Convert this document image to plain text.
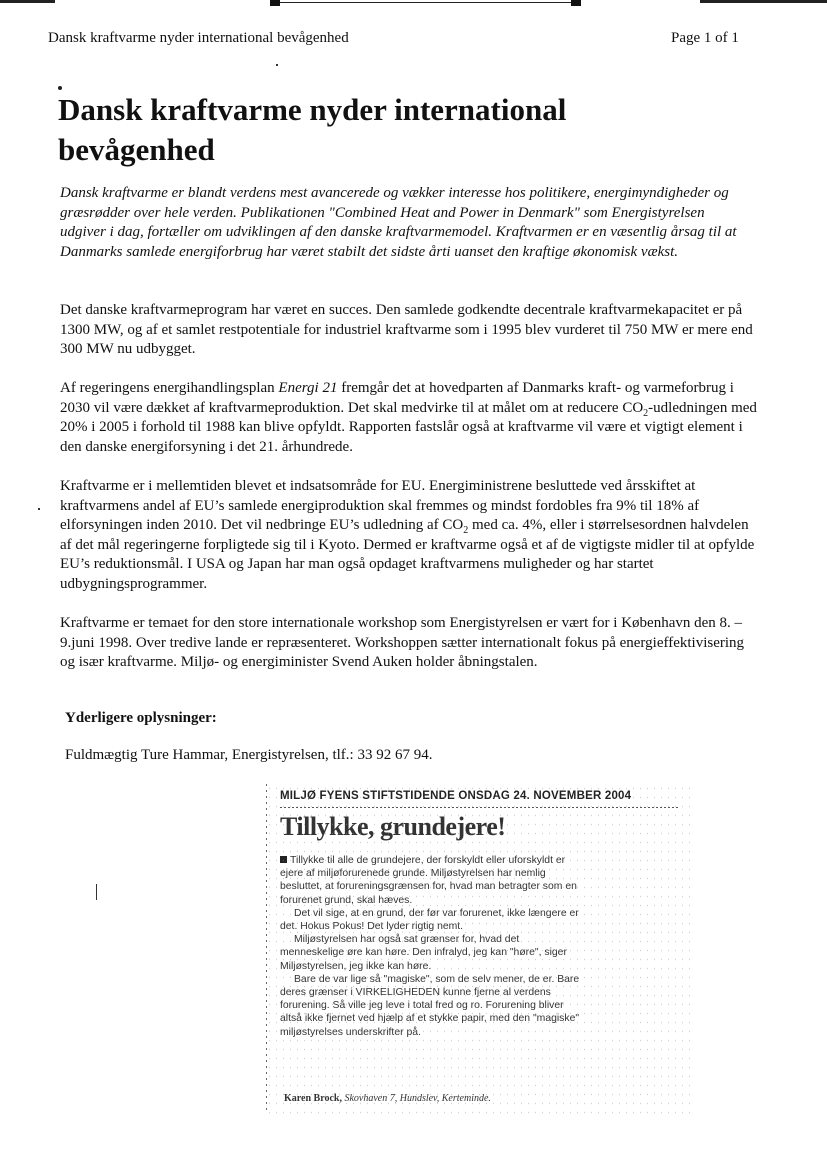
Dansk kraftvarme nyder international bevågenhed	Page 1 of 1
Dansk kraftvarme nyder international bevågenhed

Dansk kraftvarme er blandt verdens mest avancerede og vækker interesse hos politikere, energimyndigheder og græsrødder over hele verden. Publikationen "Combined Heat and Power in Denmark" som Energistyrelsen udgiver i dag, fortæller om udviklingen af den danske kraftvarmemodel. Kraftvarmen er en væsentlig årsag til at Danmarks samlede energiforbrug har været stabilt det sidste årti uanset den kraftige økonomisk vækst.

Det danske kraftvarmeprogram har været en succes. Den samlede godkendte decentrale kraftvarmekapacitet er på 1300 MW, og af et samlet restpotentiale for industriel kraftvarme som i 1995 blev vurderet til 750 MW er mere end 300 MW nu udbygget.

Af regeringens energihandlingsplan Energi 21 fremgår det at hovedparten af Danmarks kraft- og varmeforbrug i 2030 vil være dækket af kraftvarmeproduktion. Det skal medvirke til at målet om at reducere $CO_2$-udledningen med 20% i 2005 i forhold til 1988 kan blive opfyldt. Rapporten fastslår også at kraftvarme vil være et vigtigt element i den danske energiforsyning i det 21. århundrede.

Kraftvarme er i mellemtiden blevet et indsatsområde for EU. Energiministrene besluttede ved årsskiftet at kraftvarmens andel af EU’s samlede energiproduktion skal fremmes og mindst fordobles fra 9% til 18% af elforsyningen inden 2010. Det vil nedbringe EU’s udledning af $CO_2$ med ca. 4%, eller i størrelsesordnen halvdelen af det mål regeringerne forpligtede sig til i Kyoto. Dermed er kraftvarme også et af de vigtigste midler til at opfylde EU’s reduktionsmål. I USA og Japan har man også opdaget kraftvarmens muligheder og har startet udbygningsprogrammer.

Kraftvarme er temaet for den store internationale workshop som Energistyrelsen er vært for i København den 8. – 9.juni 1998. Over tredive lande er repræsenteret. Workshoppen sætter internationalt fokus på energieffektivisering og især kraftvarme. Miljø- og energiminister Svend Auken holder åbningstalen.

Yderligere oplysninger:

Fuldmægtig Ture Hammar, Energistyrelsen, tlf.: 33 92 67 94.

MILJØ FYENS STIFTSTIDENDE ONSDAG 24. NOVEMBER 2004
Tillykke, grundejere!

Tillykke til alle de grundejere, der forskyldt eller uforskyldt er ejere af miljøforurenede grunde. Miljøstyrelsen har nemlig besluttet, at forureningsgrænsen for, hvad man betragter som en forurenet grund, skal hæves.

Det vil sige, at en grund, der før var forurenet, ikke længere er det. Hokus Pokus! Det lyder rigtig nemt.

Miljøstyrelsen har også sat grænser for, hvad det menneskelige øre kan høre. Den infralyd, jeg kan "høre", siger Miljøstyrelsen, jeg ikke kan høre.

Bare de var lige så "magiske", som de selv mener, de er. Bare deres grænser i VIRKELIGHEDEN kunne fjerne al verdens forurening. Så ville jeg leve i total fred og ro. Forurening bliver altså ikke fjernet ved hjælp af et stykke papir, med den "magiske" miljøstyrelses underskrifter på.

Karen Brock, Skovhaven 7, Hundslev, Kerteminde.
